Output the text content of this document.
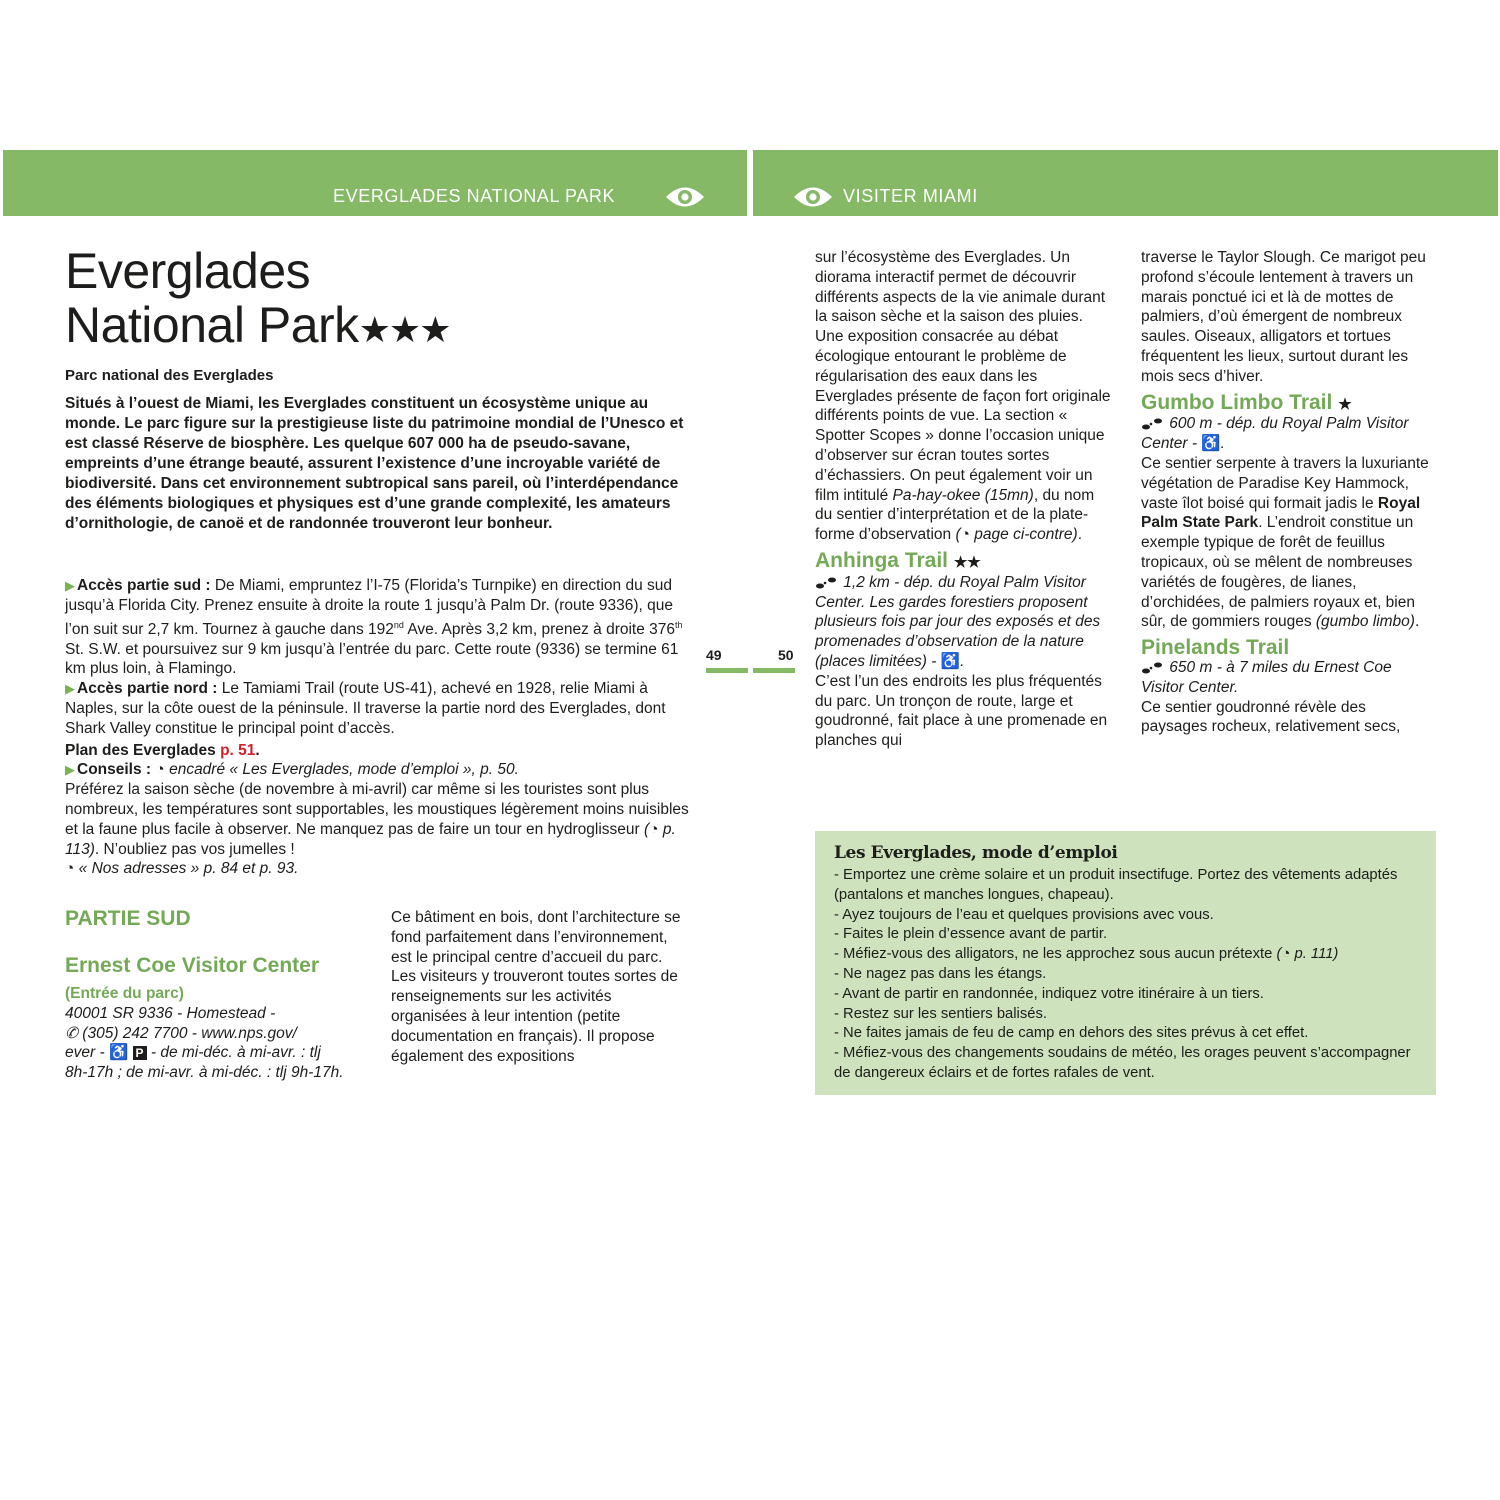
EVERGLADES NATIONAL PARK	VISITER MIAMI
Everglades
National Park★★★
Parc national des Everglades
Situés à l’ouest de Miami, les Everglades constituent un écosystème unique au monde. Le parc figure sur la prestigieuse liste du patrimoine mondial de l’Unesco et est classé Réserve de biosphère. Les quelque 607 000 ha de pseudo-savane, empreints d’une étrange beauté, assurent l’existence d’une incroyable variété de biodiversité. Dans cet environnement subtropical sans pareil, où l’interdépendance des éléments biologiques et physiques est d’une grande complexité, les amateurs d’ornithologie, de canoë et de randonnée trouveront leur bonheur.
▶ Accès partie sud : De Miami, empruntez l’I-75 (Florida’s Turnpike) en direction du sud jusqu’à Florida City. Prenez ensuite à droite la route 1 jusqu’à Palm Dr. (route 9336), que l’on suit sur 2,7 km. Tournez à gauche dans 192nd Ave. Après 3,2 km, prenez à droite 376th St. S.W. et poursuivez sur 9 km jusqu’à l’entrée du parc. Cette route (9336) se termine 61 km plus loin, à Flamingo.
▶ Accès partie nord : Le Tamiami Trail (route US-41), achevé en 1928, relie Miami à Naples, sur la côte ouest de la péninsule. Il traverse la partie nord des Everglades, dont Shark Valley constitue le principal point d’accès.
Plan des Everglades p. 51.
▶ Conseils : ◔ encadré « Les Everglades, mode d’emploi », p. 50.
Préférez la saison sèche (de novembre à mi-avril) car même si les touristes sont plus nombreux, les températures sont supportables, les moustiques légèrement moins nuisibles et la faune plus facile à observer. Ne manquez pas de faire un tour en hydroglisseur (◔ p. 113). N’oubliez pas vos jumelles !
◔ « Nos adresses » p. 84 et p. 93.
PARTIE SUD
Ernest Coe Visitor Center
(Entrée du parc)
40001 SR 9336 - Homestead -
✆ (305) 242 7700 - www.nps.gov/
ever - ♿ P - de mi-déc. à mi-avr. : tlj
8h-17h ; de mi-avr. à mi-déc. : tlj 9h-17h.
Ce bâtiment en bois, dont l’architecture se fond parfaitement dans l’environnement, est le principal centre d’accueil du parc. Les visiteurs y trouveront toutes sortes de renseignements sur les activités organisées à leur intention (petite documentation en français). Il propose également des expositions
49	50
sur l’écosystème des Everglades. Un diorama interactif permet de découvrir différents aspects de la vie animale durant la saison sèche et la saison des pluies. Une exposition consacrée au débat écologique entourant le problème de régularisation des eaux dans les Everglades présente de façon fort originale différents points de vue. La section « Spotter Scopes » donne l’occasion unique d’observer sur écran toutes sortes d’échassiers. On peut également voir un film intitulé Pa-hay-okee (15mn), du nom du sentier d’interprétation et de la plate-forme d’observation (◔ page ci-contre).
Anhinga Trail ★★
1,2 km - dép. du Royal Palm Visitor Center. Les gardes forestiers proposent plusieurs fois par jour des exposés et des promenades d’observation de la nature (places limitées) - ♿.
C’est l’un des endroits les plus fréquentés du parc. Un tronçon de route, large et goudronné, fait place à une promenade en planches qui
traverse le Taylor Slough. Ce marigot peu profond s’écoule lentement à travers un marais ponctué ici et là de mottes de palmiers, d’où émergent de nombreux saules. Oiseaux, alligators et tortues fréquentent les lieux, surtout durant les mois secs d’hiver.
Gumbo Limbo Trail ★
600 m - dép. du Royal Palm Visitor Center - ♿.
Ce sentier serpente à travers la luxuriante végétation de Paradise Key Hammock, vaste îlot boisé qui formait jadis le Royal Palm State Park. L’endroit constitue un exemple typique de forêt de feuillus tropicaux, où se mêlent de nombreuses variétés de fougères, de lianes, d’orchidées, de palmiers royaux et, bien sûr, de gommiers rouges (gumbo limbo).
Pinelands Trail
650 m - à 7 miles du Ernest Coe Visitor Center.
Ce sentier goudronné révèle des paysages rocheux, relativement secs,
Les Everglades, mode d’emploi
- Emportez une crème solaire et un produit insectifuge. Portez des vêtements adaptés (pantalons et manches longues, chapeau).
- Ayez toujours de l’eau et quelques provisions avec vous.
- Faites le plein d’essence avant de partir.
- Méfiez-vous des alligators, ne les approchez sous aucun prétexte (◔ p. 111)
- Ne nagez pas dans les étangs.
- Avant de partir en randonnée, indiquez votre itinéraire à un tiers.
- Restez sur les sentiers balisés.
- Ne faites jamais de feu de camp en dehors des sites prévus à cet effet.
- Méfiez-vous des changements soudains de météo, les orages peuvent s’accompagner de dangereux éclairs et de fortes rafales de vent.
